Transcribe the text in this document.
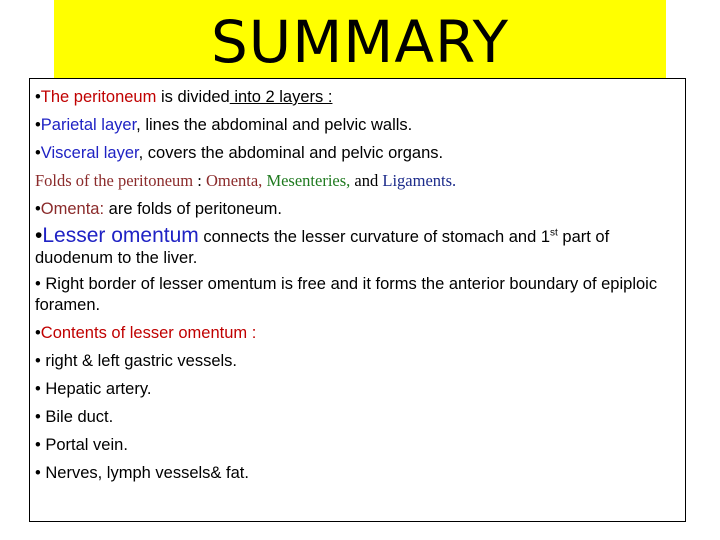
SUMMARY
•The peritoneum is divided into 2 layers :
•Parietal layer, lines the abdominal and pelvic walls.
•Visceral layer, covers the abdominal and pelvic organs.
Folds of the peritoneum : Omenta, Mesenteries, and Ligaments.
•Omenta: are folds of peritoneum.
•Lesser omentum connects the lesser curvature of stomach and 1st part of duodenum to the liver.
• Right border of lesser omentum is free and it forms the anterior boundary of epiploic foramen.
•Contents of lesser omentum :
• right & left gastric vessels.
• Hepatic artery.
• Bile duct.
• Portal vein.
• Nerves, lymph vessels& fat.
